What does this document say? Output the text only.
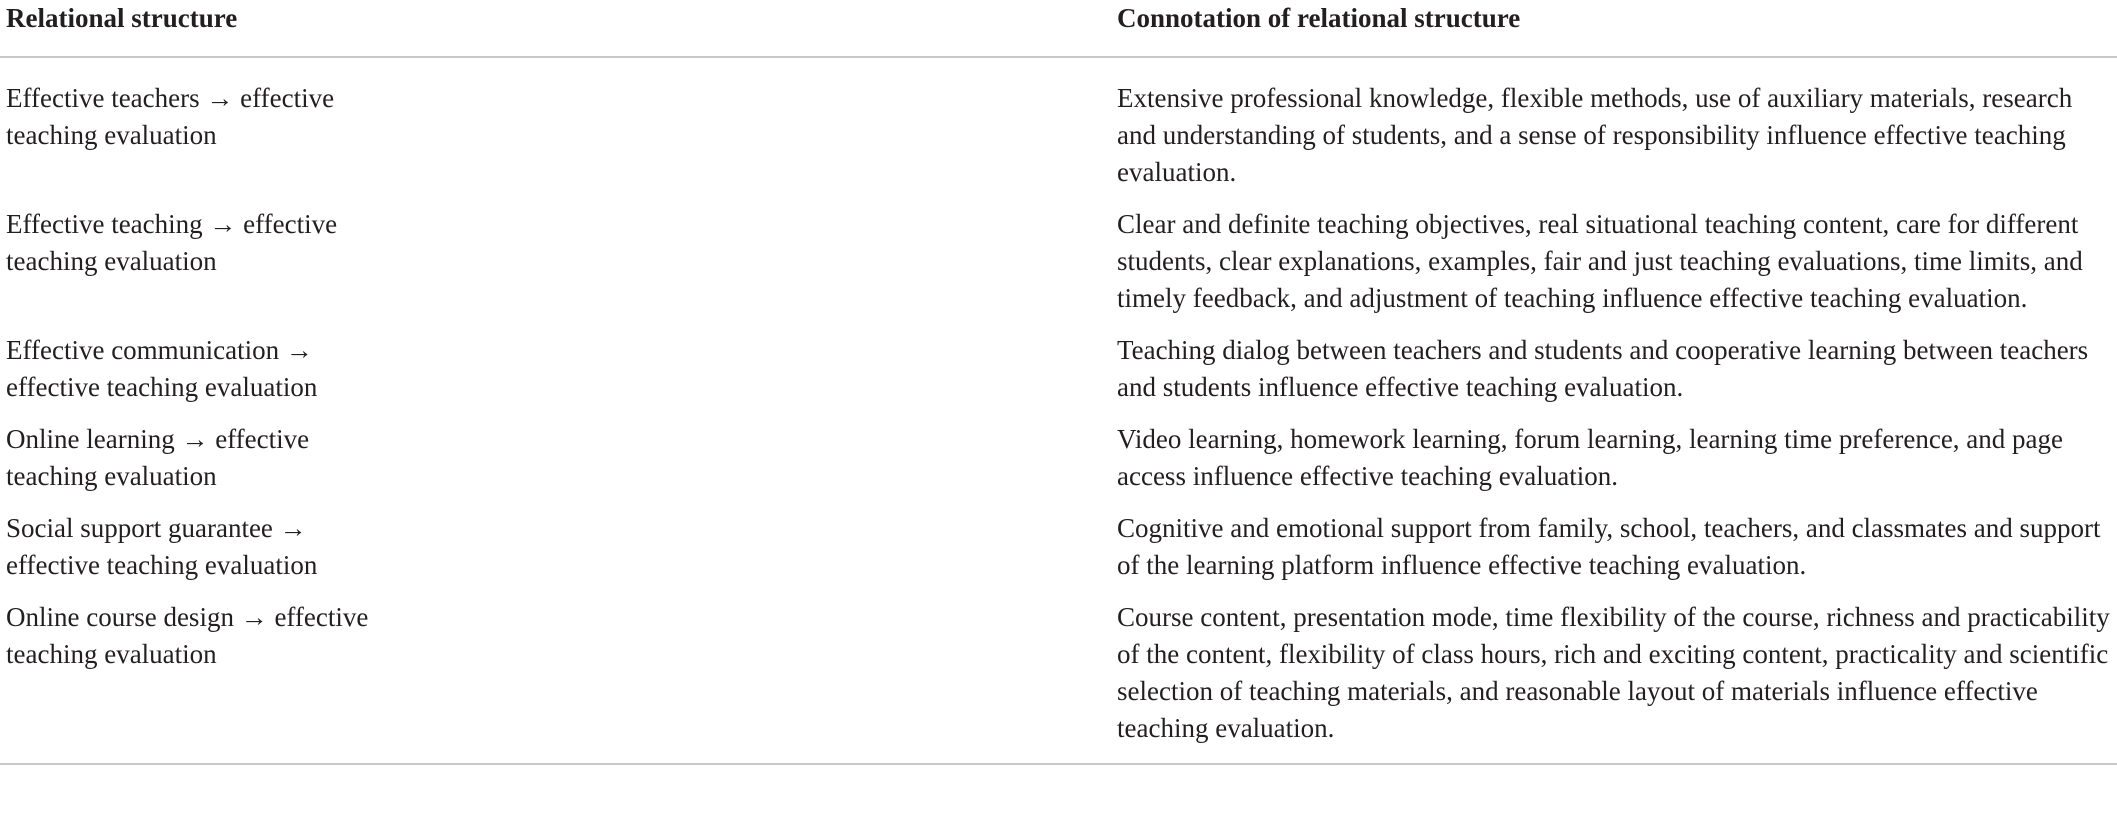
Relational structure	Connotation of relational structure

Effective teachers → effective teaching evaluation	Extensive professional knowledge, flexible methods, use of auxiliary materials, research and understanding of students, and a sense of responsibility influence effective teaching evaluation.

Effective teaching → effective teaching evaluation	Clear and definite teaching objectives, real situational teaching content, care for different students, clear explanations, examples, fair and just teaching evaluations, time limits, and timely feedback, and adjustment of teaching influence effective teaching evaluation.

Effective communication → effective teaching evaluation	Teaching dialog between teachers and students and cooperative learning between teachers and students influence effective teaching evaluation.

Online learning → effective teaching evaluation	Video learning, homework learning, forum learning, learning time preference, and page access influence effective teaching evaluation.

Social support guarantee → effective teaching evaluation	Cognitive and emotional support from family, school, teachers, and classmates and support of the learning platform influence effective teaching evaluation.

Online course design → effective teaching evaluation	Course content, presentation mode, time flexibility of the course, richness and practicability of the content, flexibility of class hours, rich and exciting content, practicality and scientific selection of teaching materials, and reasonable layout of materials influence effective teaching evaluation.
